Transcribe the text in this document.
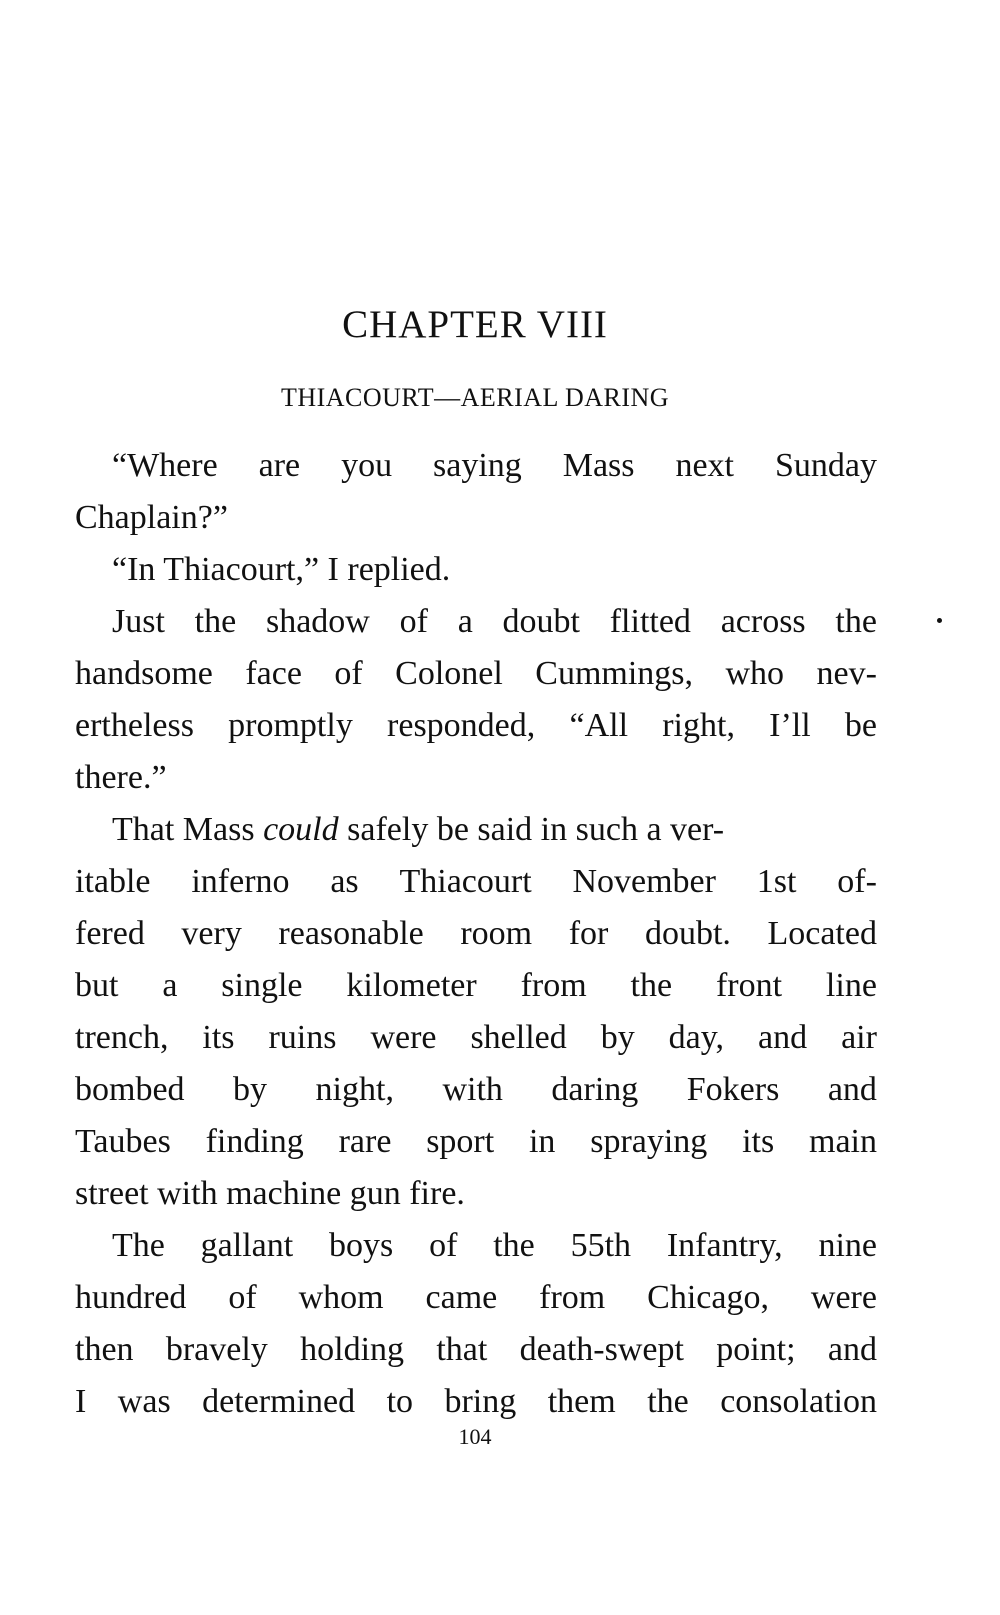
CHAPTER VIII
THIACOURT—AERIAL DARING
“Where are you saying Mass next Sunday
Chaplain?”
“In Thiacourt,” I replied.
Just the shadow of a doubt flitted across the
handsome face of Colonel Cummings, who nev-
ertheless promptly responded, “All right, I’ll be
there.”
That Mass could safely be said in such a ver-
itable inferno as Thiacourt November 1st of-
fered very reasonable room for doubt. Located
but a single kilometer from the front line
trench, its ruins were shelled by day, and air
bombed by night, with daring Fokers and
Taubes finding rare sport in spraying its main
street with machine gun fire.
The gallant boys of the 55th Infantry, nine
hundred of whom came from Chicago, were
then bravely holding that death-swept point; and
I was determined to bring them the consolation
104
